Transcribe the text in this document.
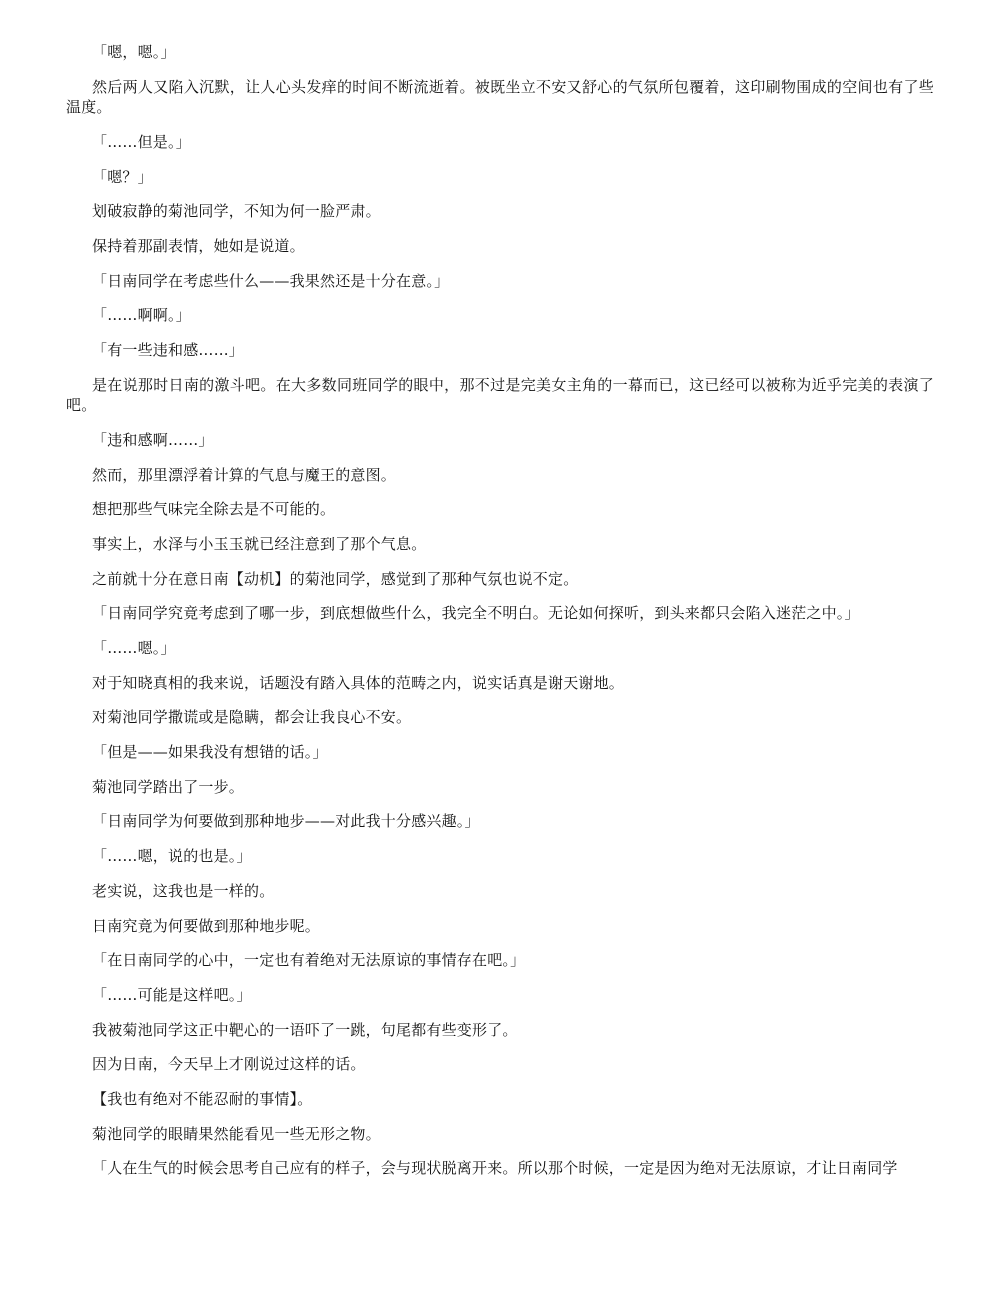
「嗯，嗯。」

然后两人又陷入沉默，让人心头发痒的时间不断流逝着。被既坐立不安又舒心的气氛所包覆着，这印刷物围成的空间也有了些温度。

「……但是。」

「嗯？」

划破寂静的菊池同学，不知为何一脸严肃。

保持着那副表情，她如是说道。

「日南同学在考虑些什么——我果然还是十分在意。」

「……啊啊。」

「有一些违和感……」

是在说那时日南的激斗吧。在大多数同班同学的眼中，那不过是完美女主角的一幕而已，这已经可以被称为近乎完美的表演了吧。

「违和感啊……」

然而，那里漂浮着计算的气息与魔王的意图。

想把那些气味完全除去是不可能的。

事实上，水泽与小玉玉就已经注意到了那个气息。

之前就十分在意日南【动机】的菊池同学，感觉到了那种气氛也说不定。

「日南同学究竟考虑到了哪一步，到底想做些什么，我完全不明白。无论如何探听，到头来都只会陷入迷茫之中。」

「……嗯。」

对于知晓真相的我来说，话题没有踏入具体的范畴之内，说实话真是谢天谢地。

对菊池同学撒谎或是隐瞒，都会让我良心不安。

「但是——如果我没有想错的话。」

菊池同学踏出了一步。

「日南同学为何要做到那种地步——对此我十分感兴趣。」

「……嗯，说的也是。」

老实说，这我也是一样的。

日南究竟为何要做到那种地步呢。

「在日南同学的心中，一定也有着绝对无法原谅的事情存在吧。」

「……可能是这样吧。」

我被菊池同学这正中靶心的一语吓了一跳，句尾都有些变形了。

因为日南，今天早上才刚说过这样的话。

【我也有绝对不能忍耐的事情】。

菊池同学的眼睛果然能看见一些无形之物。

「人在生气的时候会思考自己应有的样子，会与现状脱离开来。所以那个时候，一定是因为绝对无法原谅，才让日南同学
